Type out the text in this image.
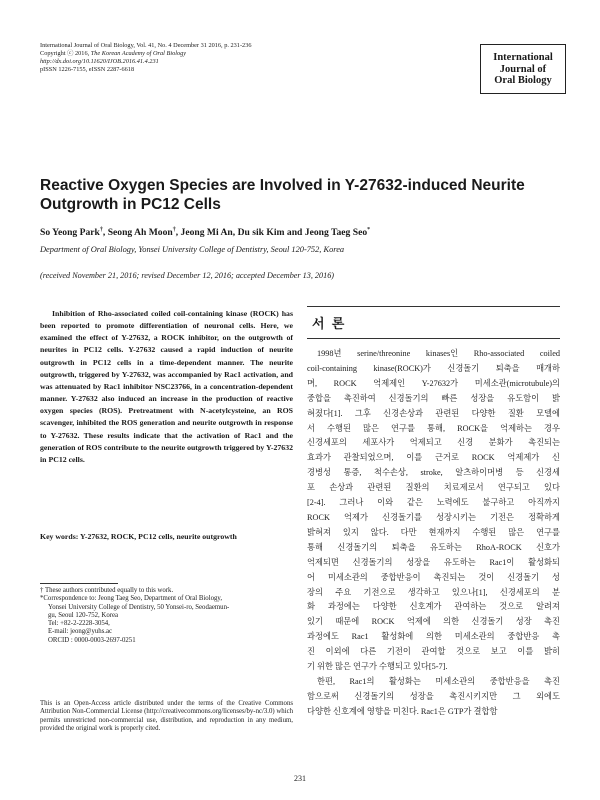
International Journal of Oral Biology, Vol. 41, No. 4 December 31 2016, p. 231-236
Copyright ⓒ 2016, The Korean Academy of Oral Biology
http://dx.doi.org/10.11620/IJOB.2016.41.4.231
pISSN 1226-7155, eISSN 2287-6618
International
Journal of
Oral Biology
Reactive Oxygen Species are Involved in Y-27632-induced Neurite
Outgrowth in PC12 Cells
So Yeong Park†, Seong Ah Moon†, Jeong Mi An, Du sik Kim and Jeong Taeg Seo*
Department of Oral Biology, Yonsei University College of Dentistry, Seoul 120-752, Korea
(received November 21, 2016; revised December 12, 2016; accepted December 13, 2016)

Inhibition of Rho-associated coiled coil-containing kinase (ROCK) has been reported to promote differentiation of neuronal cells. Here, we examined the effect of Y-27632, a ROCK inhibitor, on the outgrowth of neurites in PC12 cells. Y-27632 caused a rapid induction of neurite outgrowth in PC12 cells in a time-dependent manner. The neurite outgrowth, triggered by Y-27632, was accompanied by Rac1 activation, and was attenuated by Rac1 inhibitor NSC23766, in a concentration-dependent manner. Y-27632 also induced an increase in the production of reactive oxygen species (ROS). Pretreatment with N-acetylcysteine, an ROS scavenger, inhibited the ROS generation and neurite outgrowth in response to Y-27632. These results indicate that the activation of Rac1 and the generation of ROS contribute to the neurite outgrowth triggered by Y-27632 in PC12 cells.

Key words: Y-27632, ROCK, PC12 cells, neurite outgrowth
† These authors contributed equally to this work.
*Correspondence to: Jeong Taeg Seo, Department of Oral Biology,
Yonsei University College of Dentistry, 50 Yonsei-ro, Seodaemun-
gu, Seoul 120-752, Korea
Tel: +82-2-2228-3054,
E-mail: jeong@yuhs.ac
ORCID : 0000-0003-2697-0251
This is an Open-Access article distributed under the terms of the Creative Commons Attribution Non-Commercial License (http://creativecommons.org/licenses/by-nc/3.0) which permits unrestricted non-commercial use, distribution, and reproduction in any medium, provided the original work is properly cited.
서 론
1998년 serine/threonine kinases인 Rho-associated coiled
coil-containing kinase(ROCK)가 신경돌기 퇴축을 매개하
며, ROCK 억제제인 Y-27632가 미세소관(microtubule)의
중합을 촉진하여 신경돌기의 빠른 성장을 유도함이 밝
혀졌다[1]. 그후 신경손상과 관련된 다양한 질환 모델에
서 수행된 많은 연구를 통해, ROCK을 억제하는 경우
신경세포의 세포사가 억제되고 신경 분화가 촉진되는
효과가 관찰되었으며, 이를 근거로 ROCK 억제제가 신
경병성 통증, 척수손상, stroke, 알츠하이머병 등 신경세
포 손상과 관련된 질환의 치료제로서 연구되고 있다
[2-4]. 그러나 이와 같은 노력에도 불구하고 아직까지
ROCK 억제가 신경돌기를 성장시키는 기전은 정확하게
밝혀져 있지 않다. 다만 현재까지 수행된 많은 연구를
통해 신경돌기의 퇴축을 유도하는 RhoA-ROCK 신호가
억제되면 신경돌기의 성장을 유도하는 Rac1이 활성화되
어 미세소관의 중합반응이 촉진되는 것이 신경돌기 성
장의 주요 기전으로 생각하고 있으나[1], 신경세포의 분
화 과정에는 다양한 신호계가 관여하는 것으로 알려져
있기 때문에 ROCK 억제에 의한 신경돌기 성장 촉진
과정에도 Rac1 활성화에 의한 미세소관의 중합반응 촉
진 이외에 다른 기전이 관여할 것으로 보고 이를 밝히
기 위한 많은 연구가 수행되고 있다[5-7].
한편, Rac1의 활성화는 미세소관의 중합반응을 촉진
함으로써 신경돌기의 성장을 촉진시키지만 그 외에도
다양한 신호계에 영향을 미친다. Rac1은 GTP가 결합함
231
